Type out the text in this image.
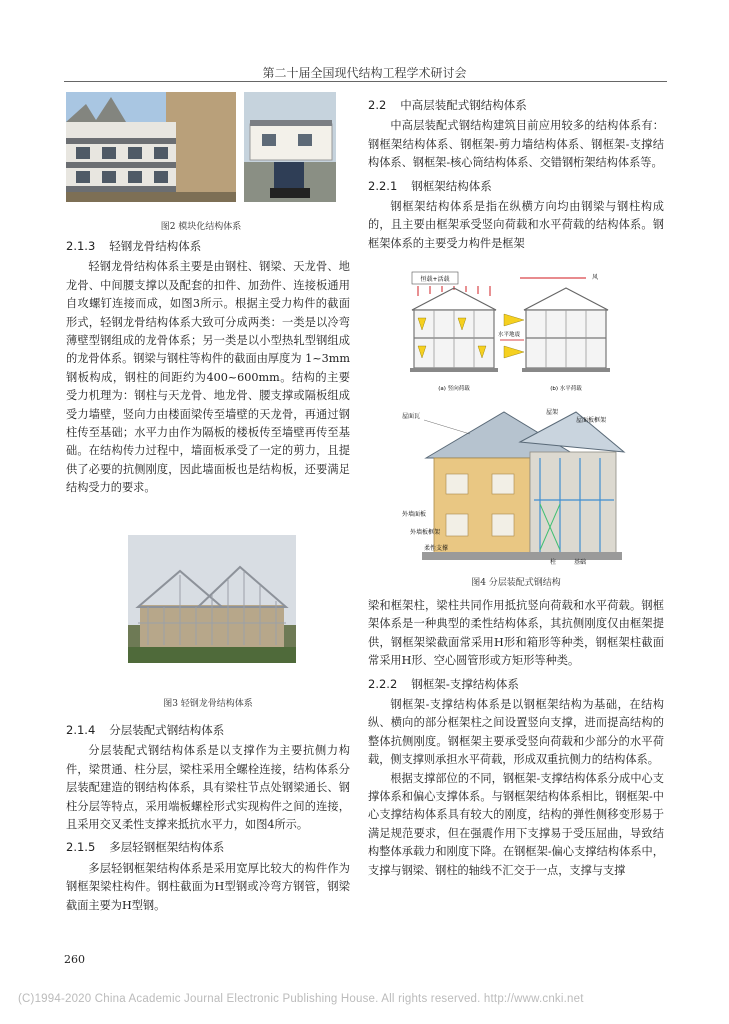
第二十届全国现代结构工程学术研讨会
图2 模块化结构体系
2.1.3 轻钢龙骨结构体系

轻钢龙骨结构体系主要是由钢柱、钢梁、天龙骨、地龙骨、中间腰支撑以及配套的扣件、加劲件、连接板通用自攻螺钉连接而成，如图3所示。根据主受力构件的截面形式，轻钢龙骨结构体系大致可分成两类：一类是以冷弯薄壁型钢组成的龙骨体系；另一类是以小型热轧型钢组成的龙骨体系。钢梁与钢柱等构件的截面由厚度为 1~3mm 钢板构成，钢柱的间距约为400~600mm。结构的主要受力机理为：钢柱与天龙骨、地龙骨、腰支撑或隔板组成受力墙壁，竖向力由楼面梁传至墙壁的天龙骨，再通过钢柱传至基础；水平力由作为隔板的楼板传至墙壁再传至基础。在结构传力过程中，墙面板承受了一定的剪力，且提供了必要的抗侧刚度，因此墙面板也是结构板，还要满足结构受力的要求。

图3 轻钢龙骨结构体系
2.1.4 分层装配式钢结构体系

分层装配式钢结构体系是以支撑作为主要抗侧力构件，梁贯通、柱分层，梁柱采用全螺栓连接，结构体系分层装配建造的钢结构体系，具有梁柱节点处钢梁通长、钢柱分层等特点，采用端板螺栓形式实现构件之间的连接，且采用交叉柔性支撑来抵抗水平力，如图4所示。

2.1.5 多层轻钢框架结构体系

多层轻钢框架结构体系是采用宽厚比较大的构件作为钢框架梁柱构件。钢柱截面为H型钢或冷弯方钢管，钢梁截面主要为H型钢。

2.2 中高层装配式钢结构体系

中高层装配式钢结构建筑目前应用较多的结构体系有：钢框架结构体系、钢框架-剪力墙结构体系、钢框架-支撑结构体系、钢框架-核心筒结构体系、交错钢桁架结构体系等。

2.2.1 钢框架结构体系

钢框架结构体系是指在纵横方向均由钢梁与钢柱构成的，且主要由框架承受竖向荷载和水平荷载的结构体系。钢框架体系的主要受力构件是框架

恒载+活载
(a) 竖向荷载
风
水平地震
(b) 水平荷载
屋面瓦
屋架
屋面板框架
外墙面板
外墙板框架
柔性支撑
柱	基础
图4 分层装配式钢结构

梁和框架柱，梁柱共同作用抵抗竖向荷载和水平荷载。钢框架体系是一种典型的柔性结构体系，其抗侧刚度仅由框架提供，钢框架梁截面常采用H形和箱形等种类，钢框架柱截面常采用H形、空心圆管形或方矩形等种类。

2.2.2 钢框架-支撑结构体系

钢框架-支撑结构体系是以钢框架结构为基础，在结构纵、横向的部分框架柱之间设置竖向支撑，进而提高结构的整体抗侧刚度。钢框架主要承受竖向荷载和少部分的水平荷载，侧支撑则承担水平荷载，形成双重抗侧力的结构体系。

根据支撑部位的不同，钢框架-支撑结构体系分成中心支撑体系和偏心支撑体系。与钢框架结构体系相比，钢框架-中心支撑结构体系具有较大的刚度，结构的弹性侧移变形易于满足规范要求，但在强震作用下支撑易于受压屈曲，导致结构整体承载力和刚度下降。在钢框架-偏心支撑结构体系中，支撑与钢梁、钢柱的轴线不汇交于一点，支撑与支撑

260
(C)1994-2020 China Academic Journal Electronic Publishing House. All rights reserved. http://www.cnki.net
